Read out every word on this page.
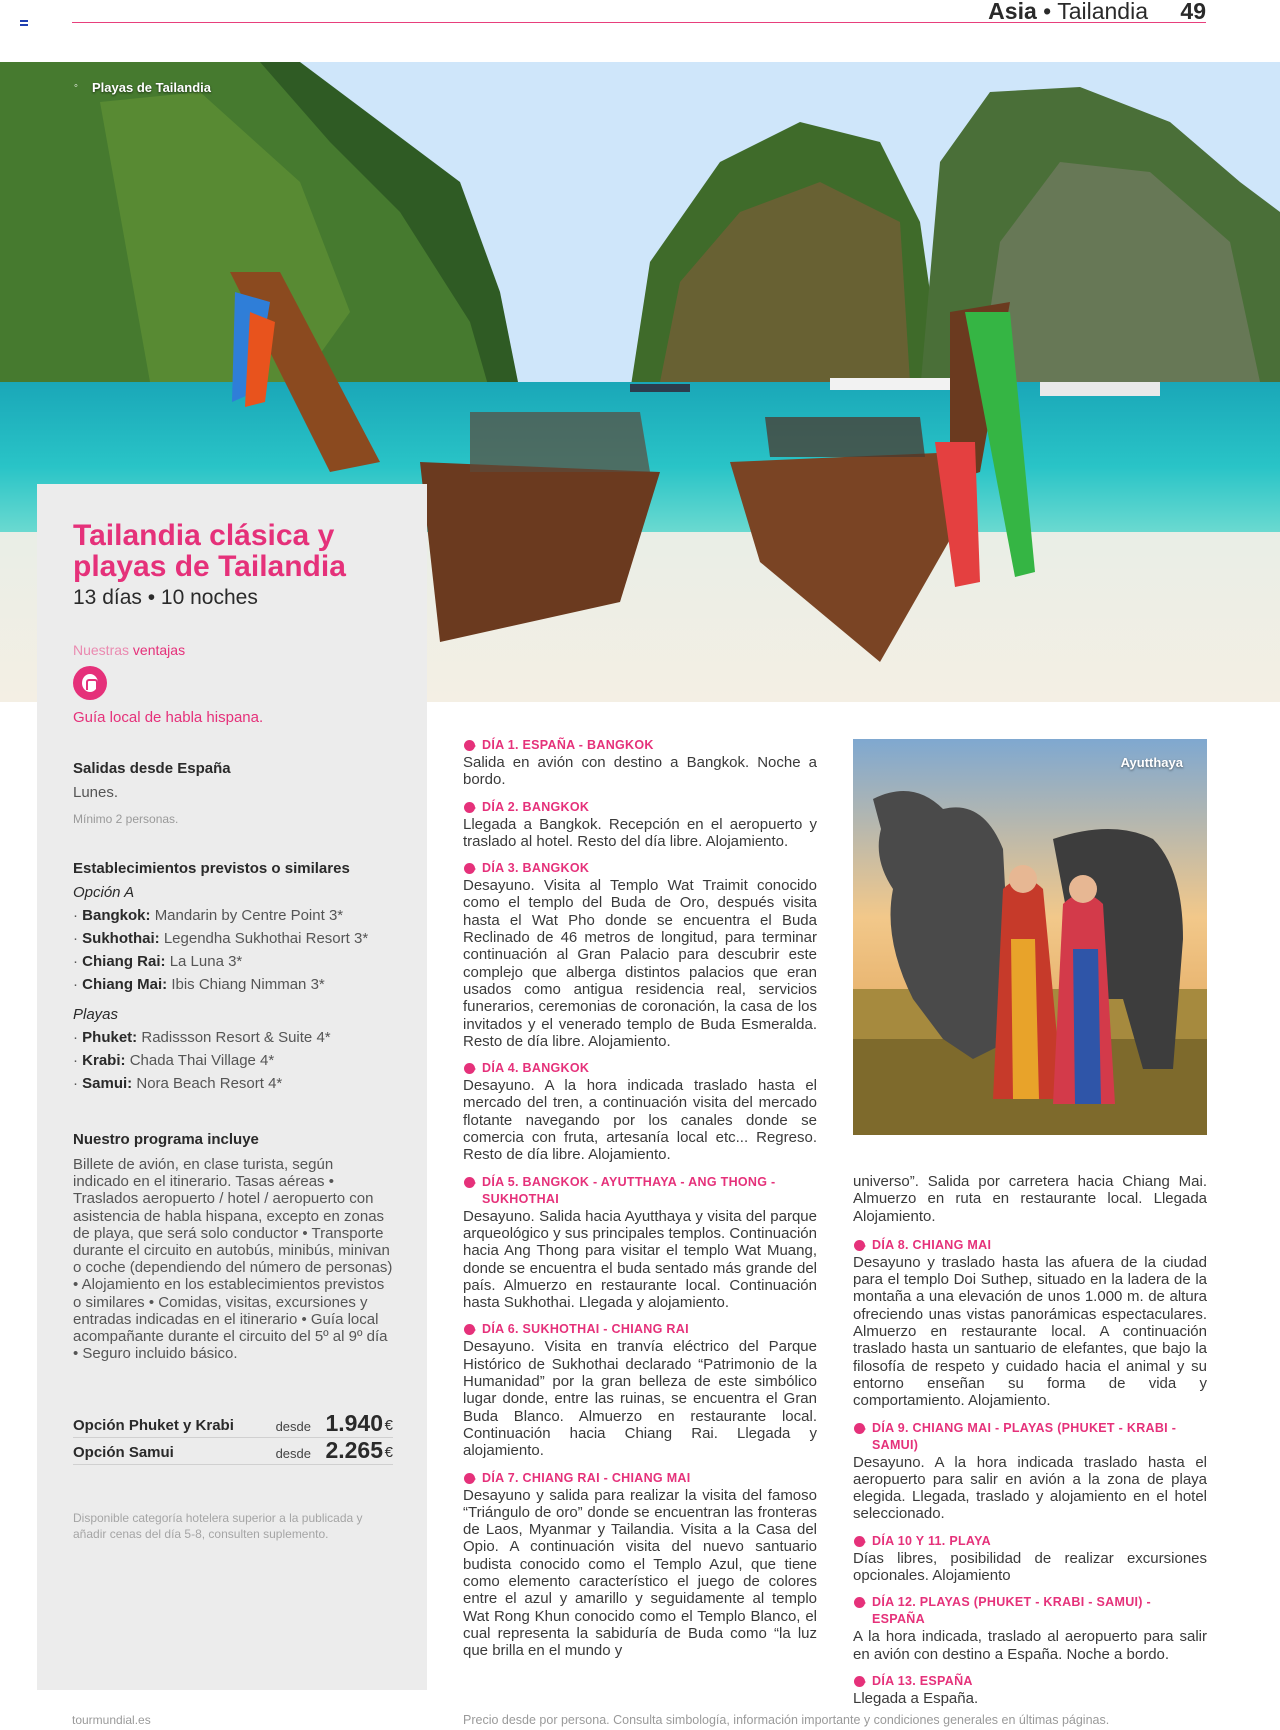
Asia • Tailandia 49
◦ Playas de Tailandia
Tailandia clásica y playas de Tailandia
13 días • 10 noches
Nuestras ventajas
Guía local de habla hispana.
Salidas desde España
Lunes.
Mínimo 2 personas.
Establecimientos previstos o similares
Opción A
· Bangkok: Mandarin by Centre Point 3*
· Sukhothai: Legendha Sukhothai Resort 3*
· Chiang Rai: La Luna 3*
· Chiang Mai: Ibis Chiang Nimman 3*
Playas
· Phuket: Radissson Resort & Suite 4*
· Krabi: Chada Thai Village 4*
· Samui: Nora Beach Resort 4*
Nuestro programa incluye
Billete de avión, en clase turista, según indicado en el itinerario. Tasas aéreas • Traslados aeropuerto / hotel / aeropuerto con asistencia de habla hispana, excepto en zonas de playa, que será solo conductor • Transporte durante el circuito en autobús, minibús, minivan o coche (dependiendo del número de personas) • Alojamiento en los establecimientos previstos o similares • Comidas, visitas, excursiones y entradas indicadas en el itinerario • Guía local acompañante durante el circuito del 5º al 9º día • Seguro incluido básico.
Opción Phuket y Krabi	desde 1.940 €
Opción Samui	desde 2.265 €
Disponible categoría hotelera superior a la publicada y añadir cenas del día 5-8, consulten suplemento.
DÍA 1. ESPAÑA - BANGKOK
Salida en avión con destino a Bangkok. Noche a bordo.
DÍA 2. BANGKOK
Llegada a Bangkok. Recepción en el aeropuerto y traslado al hotel. Resto del día libre. Alojamiento.
DÍA 3. BANGKOK
Desayuno. Visita al Templo Wat Traimit conocido como el templo del Buda de Oro, después visita hasta el Wat Pho donde se encuentra el Buda Reclinado de 46 metros de longitud, para terminar continuación al Gran Palacio para descubrir este complejo que alberga distintos palacios que eran usados como antigua residencia real, servicios funerarios, ceremonias de coronación, la casa de los invitados y el venerado templo de Buda Esmeralda. Resto de día libre. Alojamiento.
DÍA 4. BANGKOK
Desayuno. A la hora indicada traslado hasta el mercado del tren, a continuación visita del mercado flotante navegando por los canales donde se comercia con fruta, artesanía local etc... Regreso. Resto de día libre. Alojamiento.
DÍA 5. BANGKOK - AYUTTHAYA - ANG THONG - SUKHOTHAI
Desayuno. Salida hacia Ayutthaya y visita del parque arqueológico y sus principales templos. Continuación hacia Ang Thong para visitar el templo Wat Muang, donde se encuentra el buda sentado más grande del país. Almuerzo en restaurante local. Continuación hasta Sukhothai. Llegada y alojamiento.
DÍA 6. SUKHOTHAI - CHIANG RAI
Desayuno. Visita en tranvía eléctrico del Parque Histórico de Sukhothai declarado “Patrimonio de la Humanidad” por la gran belleza de este simbólico lugar donde, entre las ruinas, se encuentra el Gran Buda Blanco. Almuerzo en restaurante local. Continuación hacia Chiang Rai. Llegada y alojamiento.
DÍA 7. CHIANG RAI - CHIANG MAI
Desayuno y salida para realizar la visita del famoso “Triángulo de oro” donde se encuentran las fronteras de Laos, Myanmar y Tailandia. Visita a la Casa del Opio. A continuación visita del nuevo santuario budista conocido como el Templo Azul, que tiene como elemento característico el juego de colores entre el azul y amarillo y seguidamente al templo Wat Rong Khun conocido como el Templo Blanco, el cual representa la sabiduría de Buda como “la luz que brilla en el mundo y
Ayutthaya
universo”. Salida por carretera hacia Chiang Mai. Almuerzo en ruta en restaurante local. Llegada Alojamiento.
DÍA 8. CHIANG MAI
Desayuno y traslado hasta las afuera de la ciudad para el templo Doi Suthep, situado en la ladera de la montaña a una elevación de unos 1.000 m. de altura ofreciendo unas vistas panorámicas espectaculares. Almuerzo en restaurante local. A continuación traslado hasta un santuario de elefantes, que bajo la filosofía de respeto y cuidado hacia el animal y su entorno enseñan su forma de vida y comportamiento. Alojamiento.
DÍA 9. CHIANG MAI - PLAYAS (PHUKET - KRABI - SAMUI)
Desayuno. A la hora indicada traslado hasta el aeropuerto para salir en avión a la zona de playa elegida. Llegada, traslado y alojamiento en el hotel seleccionado.
DÍA 10 Y 11. PLAYA
Días libres, posibilidad de realizar excursiones opcionales. Alojamiento
DÍA 12. PLAYAS (PHUKET - KRABI - SAMUI) - ESPAÑA
A la hora indicada, traslado al aeropuerto para salir en avión con destino a España. Noche a bordo.
DÍA 13. ESPAÑA
Llegada a España.
tourmundial.es	Precio desde por persona. Consulta simbología, información importante y condiciones generales en últimas páginas.
